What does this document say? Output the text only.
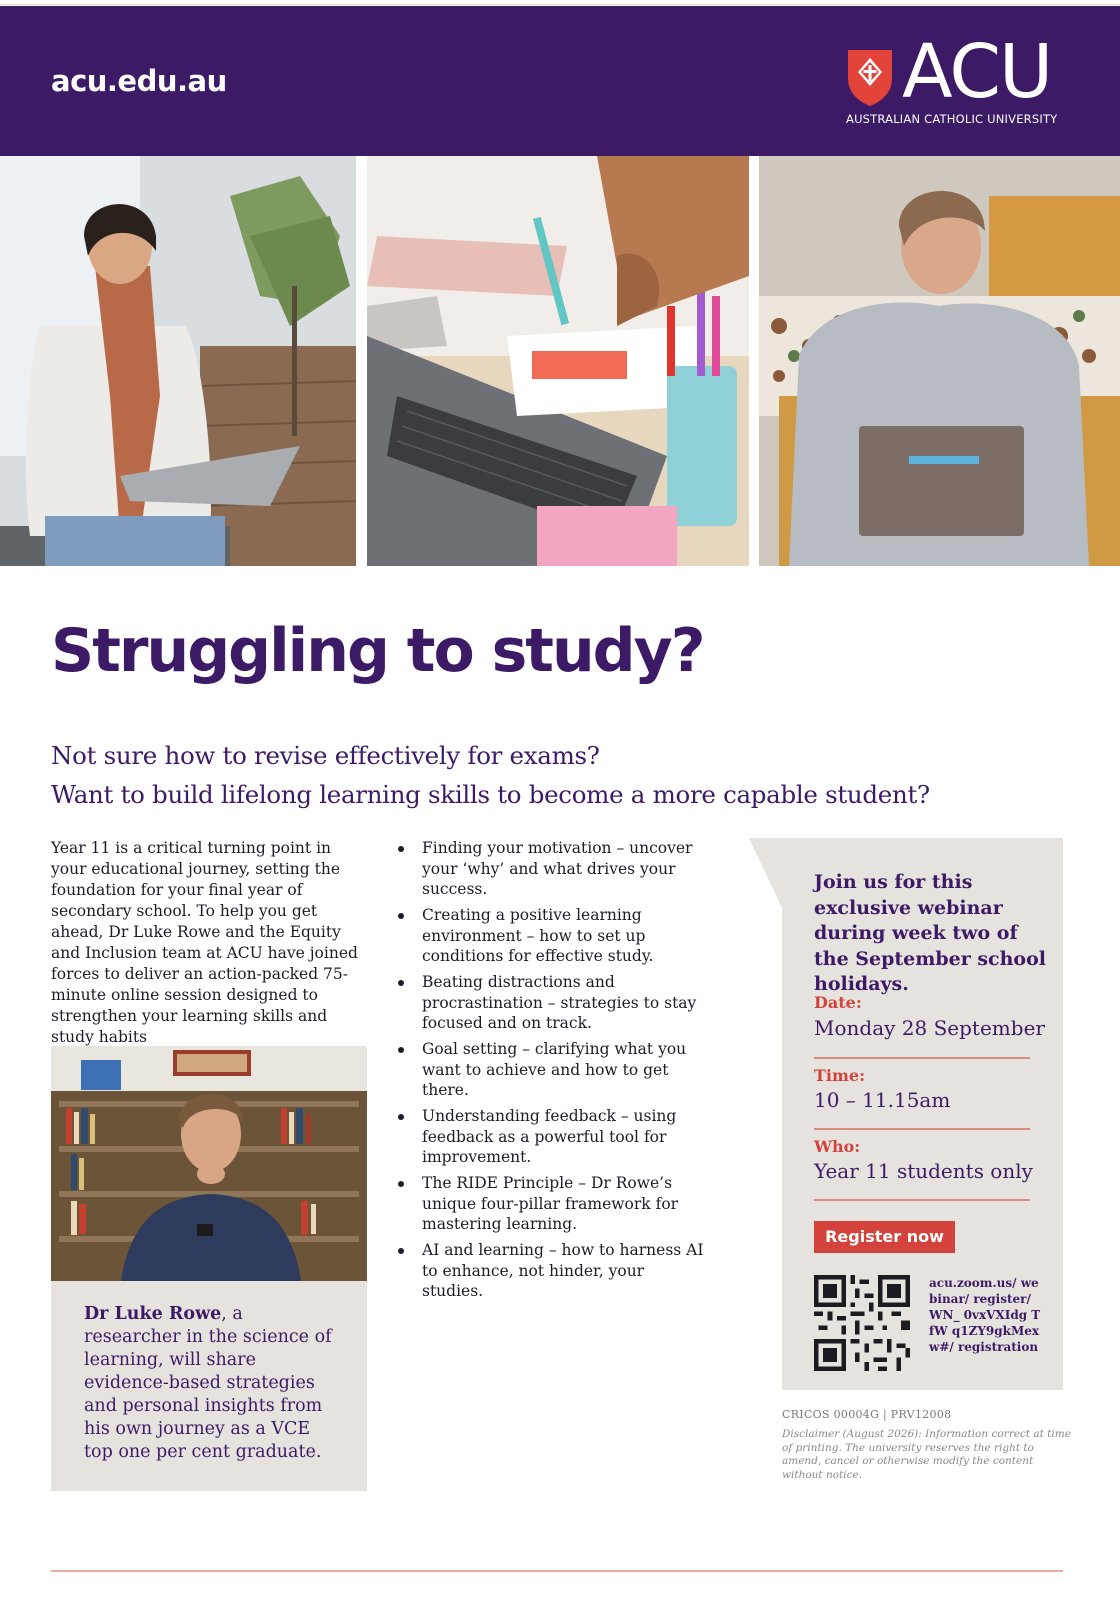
acu.edu.au	ACU
AUSTRALIAN CATHOLIC UNIVERSITY
Struggling to study?
Not sure how to revise effectively for exams?
Want to build lifelong learning skills to become a more capable student?

Year 11 is a critical turning point in your educational journey, setting the foundation for your final year of secondary school. To help you get ahead, Dr Luke Rowe and the Equity and Inclusion team at ACU have joined forces to deliver an action-packed 75-minute online session designed to strengthen your learning skills and study habits

Finding your motivation – uncover your ‘why’ and what drives your success.
Creating a positive learning environment – how to set up conditions for effective study.
Beating distractions and procrastination – strategies to stay focused and on track.
Goal setting – clarifying what you want to achieve and how to get there.
Understanding feedback – using feedback as a powerful tool for improvement.
The RIDE Principle – Dr Rowe’s unique four-pillar framework for mastering learning.
AI and learning – how to harness AI to enhance, not hinder, your studies.

Dr Luke Rowe, a researcher in the science of learning, will share evidence-based strategies and personal insights from his own journey as a VCE top one per cent graduate.

Join us for this exclusive webinar during week two of the September school holidays.
Date:
Monday 28 September
Time:
10 – 11.15am
Who:
Year 11 students only
Register now
acu.zoom.us/ webinar/ register/WN_ 0vxVXIdg TfW q1ZY9gkMexw#/ registration
CRICOS 00004G | PRV12008
Disclaimer (August 2026): Information correct at time of printing. The university reserves the right to amend, cancel or otherwise modify the content without notice.
